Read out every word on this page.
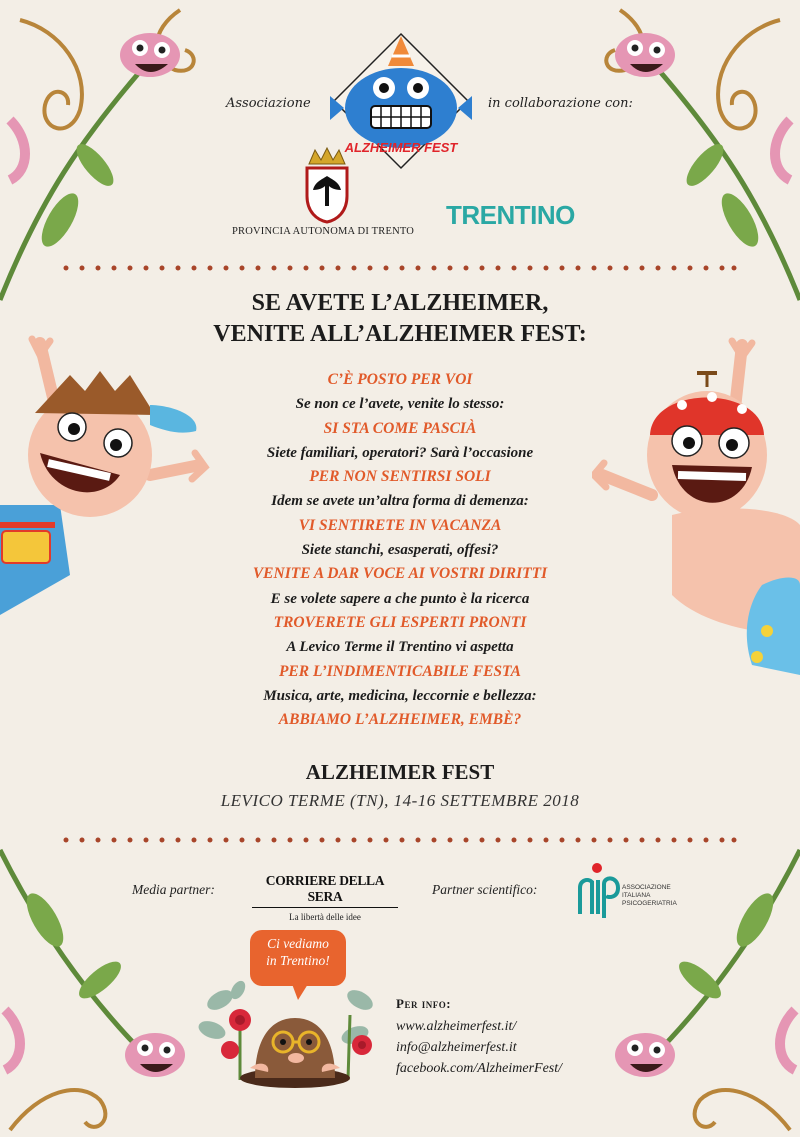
Associazione	in collaborazione con:
ALZHEIMER FEST
PROVINCIA AUTONOMA DI TRENTO
TRENTINO
SE AVETE L’ALZHEIMER,
VENITE ALL’ALZHEIMER FEST:
C’È POSTO PER VOI
Se non ce l’avete, venite lo stesso:
SI STA COME PASCIÀ
Siete familiari, operatori? Sarà l’occasione
PER NON SENTIRSI SOLI
Idem se avete un’altra forma di demenza:
VI SENTIRETE IN VACANZA
Siete stanchi, esasperati, offesi?
VENITE A DAR VOCE AI VOSTRI DIRITTI
E se volete sapere a che punto è la ricerca
TROVERETE GLI ESPERTI PRONTI
A Levico Terme il Trentino vi aspetta
PER L’INDIMENTICABILE FESTA
Musica, arte, medicina, leccornie e bellezza:
ABBIAMO L’ALZHEIMER, EMBÈ?
ALZHEIMER FEST
LEVICO TERME (TN), 14-16 SETTEMBRE 2018
Media partner:
CORRIERE DELLA SERA
La libertà delle idee
Partner scientifico:	ASSOCIAZIONE
ITALIANA
PSICOGERIATRIA
Ci vediamo
in Trentino!
Per info:
www.alzheimerfest.it/
info@alzheimerfest.it
facebook.com/AlzheimerFest/
